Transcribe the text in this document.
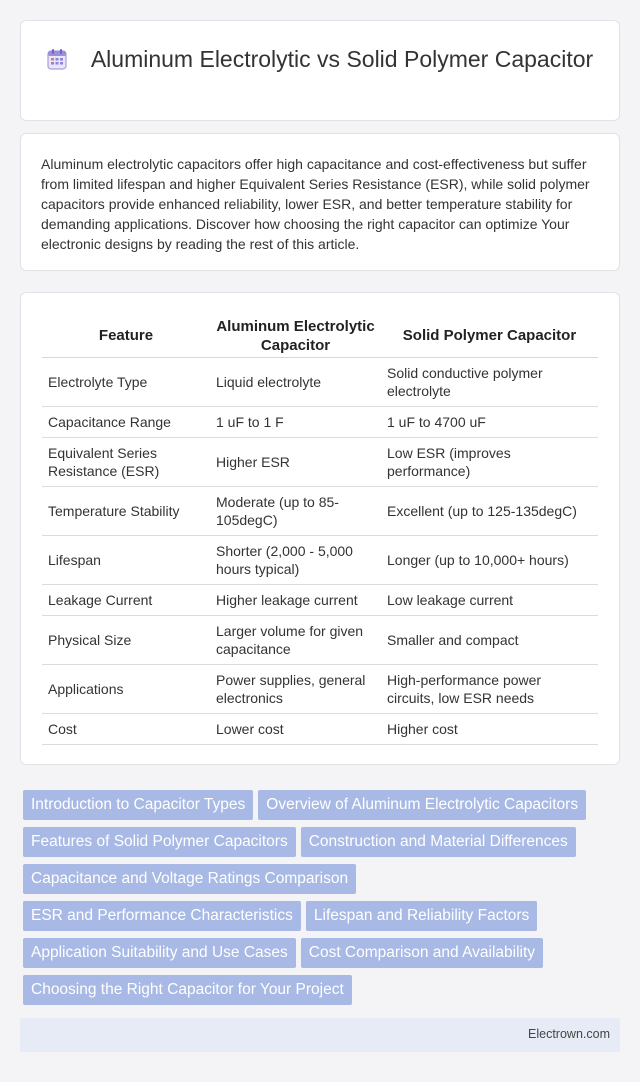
Aluminum Electrolytic vs Solid Polymer Capacitor

Aluminum electrolytic capacitors offer high capacitance and cost-effectiveness but suffer from limited lifespan and higher Equivalent Series Resistance (ESR), while solid polymer capacitors provide enhanced reliability, lower ESR, and better temperature stability for demanding applications. Discover how choosing the right capacitor can optimize Your electronic designs by reading the rest of this article.

Feature	Aluminum Electrolytic Capacitor	Solid Polymer Capacitor
Electrolyte Type	Liquid electrolyte	Solid conductive polymer electrolyte
Capacitance Range	1 uF to 1 F	1 uF to 4700 uF
Equivalent Series Resistance (ESR)	Higher ESR	Low ESR (improves performance)
Temperature Stability	Moderate (up to 85-105degC)	Excellent (up to 125-135degC)
Lifespan	Shorter (2,000 - 5,000 hours typical)	Longer (up to 10,000+ hours)
Leakage Current	Higher leakage current	Low leakage current
Physical Size	Larger volume for given capacitance	Smaller and compact
Applications	Power supplies, general electronics	High-performance power circuits, low ESR needs
Cost	Lower cost	Higher cost
Introduction to Capacitor Types Overview of Aluminum Electrolytic Capacitors
Features of Solid Polymer Capacitors Construction and Material Differences
Capacitance and Voltage Ratings Comparison
ESR and Performance Characteristics Lifespan and Reliability Factors
Application Suitability and Use Cases Cost Comparison and Availability
Choosing the Right Capacitor for Your Project
Electrown.com
